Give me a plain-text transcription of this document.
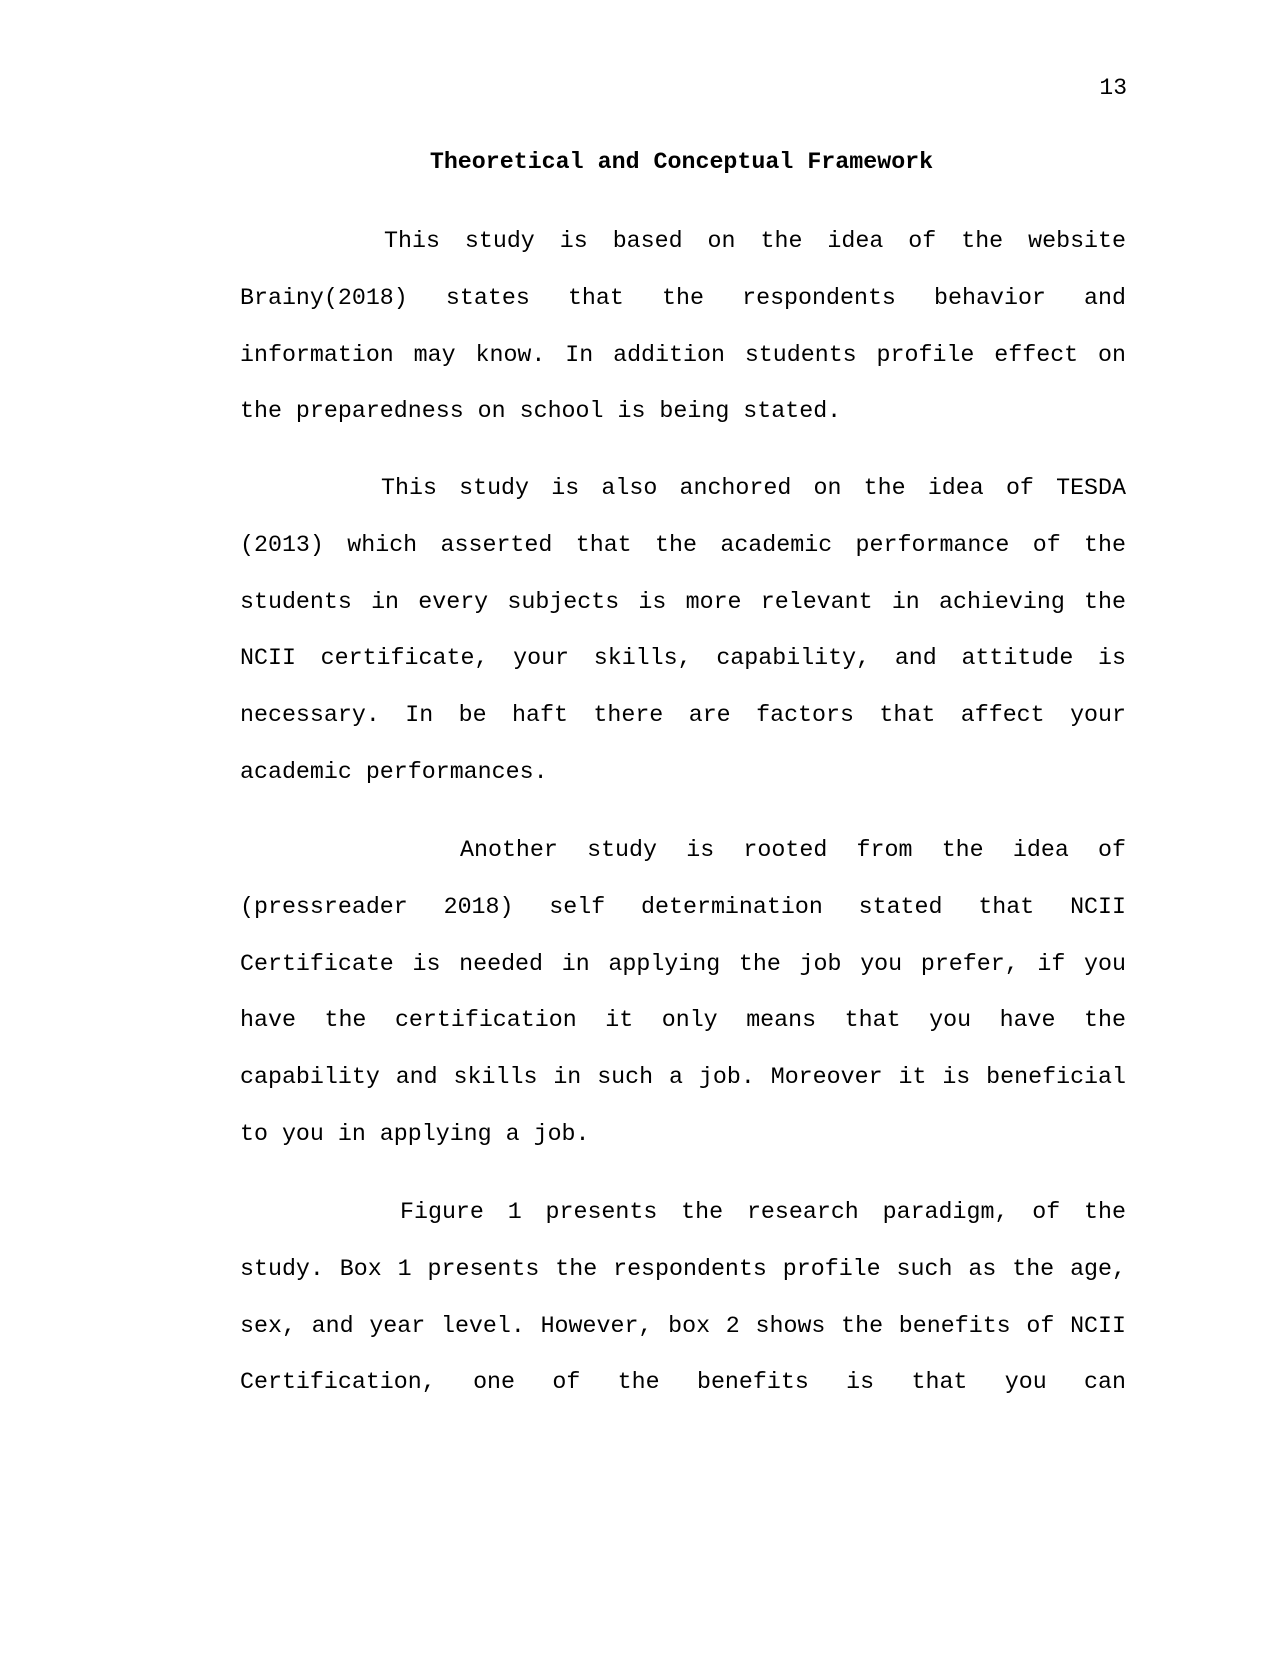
13
Theoretical and Conceptual Framework

This study is based on the idea of the website Brainy(2018) states that the respondents behavior and information may know. In addition students profile effect on the preparedness on school is being stated.

This study is also anchored on the idea of TESDA (2013) which asserted that the academic performance of the students in every subjects is more relevant in achieving the NCII certificate, your skills, capability, and attitude is necessary. In be haft there are factors that affect your academic performances.

Another study is rooted from the idea of (pressreader 2018) self determination stated that NCII Certificate is needed in applying the job you prefer, if you have the certification it only means that you have the capability and skills in such a job. Moreover it is beneficial to you in applying a job.

Figure 1 presents the research paradigm, of the study. Box 1 presents the respondents profile such as the age, sex, and year level. However, box 2 shows the benefits of NCII Certification, one of the benefits is that you can
